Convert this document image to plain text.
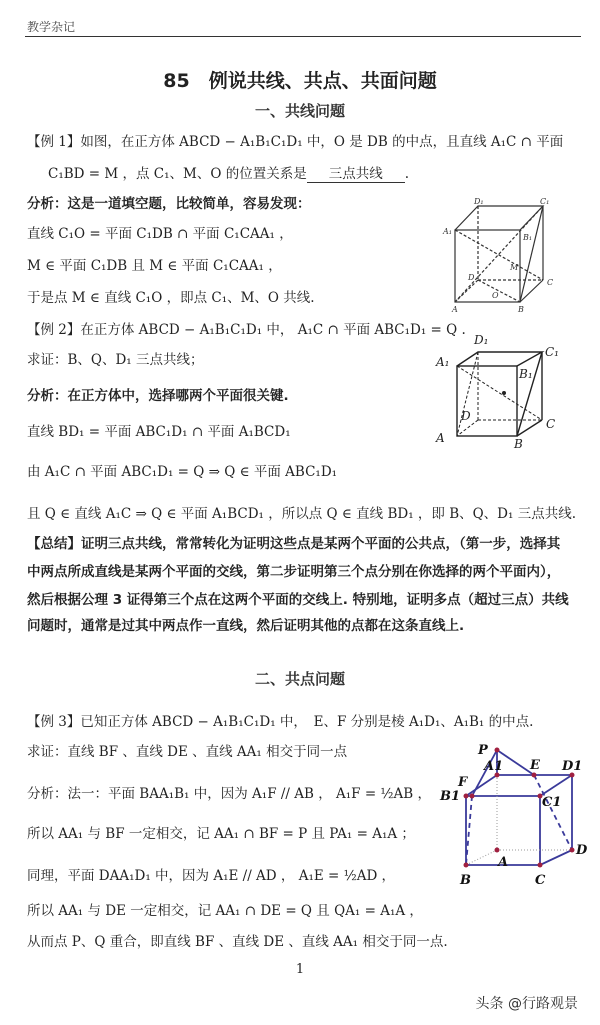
教学杂记
85　例说共线、共点、共面问题
一、共线问题
【例 1】如图，在正方体 ABCD − A₁B₁C₁D₁ 中，O 是 DB 的中点，且直线 A₁C ∩ 平面
C₁BD = M ，点 C₁、M、O 的位置关系是 三点共线 .
分析：这是一道填空题，比较简单，容易发现：
直线 C₁O = 平面 C₁DB ∩ 平面 C₁CAA₁ ，
M ∈ 平面 C₁DB 且 M ∈ 平面 C₁CAA₁ ，
于是点 M ∈ 直线 C₁O ，即点 C₁、M、O 共线.
【例 2】在正方体 ABCD − A₁B₁C₁D₁ 中， A₁C ∩ 平面 ABC₁D₁ = Q .
求证：B、Q、D₁ 三点共线；
分析：在正方体中，选择哪两个平面很关键.
直线 BD₁ = 平面 ABC₁D₁ ∩ 平面 A₁BCD₁
由 A₁C ∩ 平面 ABC₁D₁ = Q ⇒ Q ∈ 平面 ABC₁D₁
且 Q ∈ 直线 A₁C ⇒ Q ∈ 平面 A₁BCD₁ ，所以点 Q ∈ 直线 BD₁ ，即 B、Q、D₁ 三点共线.
【总结】证明三点共线，常常转化为证明这些点是某两个平面的公共点，（第一步，选择其
中两点所成直线是某两个平面的交线，第二步证明第三个点分别在你选择的两个平面内），
然后根据公理 3 证得第三个点在这两个平面的交线上. 特别地，证明多点（超过三点）共线
问题时，通常是过其中两点作一直线，然后证明其他的点都在这条直线上.
二、共点问题
【例 3】已知正方体 ABCD − A₁B₁C₁D₁ 中，　E、F 分别是棱 A₁D₁、A₁B₁ 的中点.
求证：直线 BF 、直线 DE 、直线 AA₁ 相交于同一点
分析：法一：平面 BAA₁B₁ 中，因为 A₁F // AB ， A₁F = ½AB ，
所以 AA₁ 与 BF 一定相交，记 AA₁ ∩ BF = P 且 PA₁ = A₁A ；
同理，平面 DAA₁D₁ 中，因为 A₁E // AD ， A₁E = ½AD ，
所以 AA₁ 与 DE 一定相交，记 AA₁ ∩ DE = Q 且 QA₁ = A₁A ，
从而点 P、Q 重合，即直线 BF 、直线 DE 、直线 AA₁ 相交于同一点.
D₁	C₁
A₁
B₁
D
M
C
O
A	B
D₁
C₁
A₁
B₁
D
A	B
C
P
A1 E D1
F
B1	C1
A
D
B	C
1
头条 @行路观景
